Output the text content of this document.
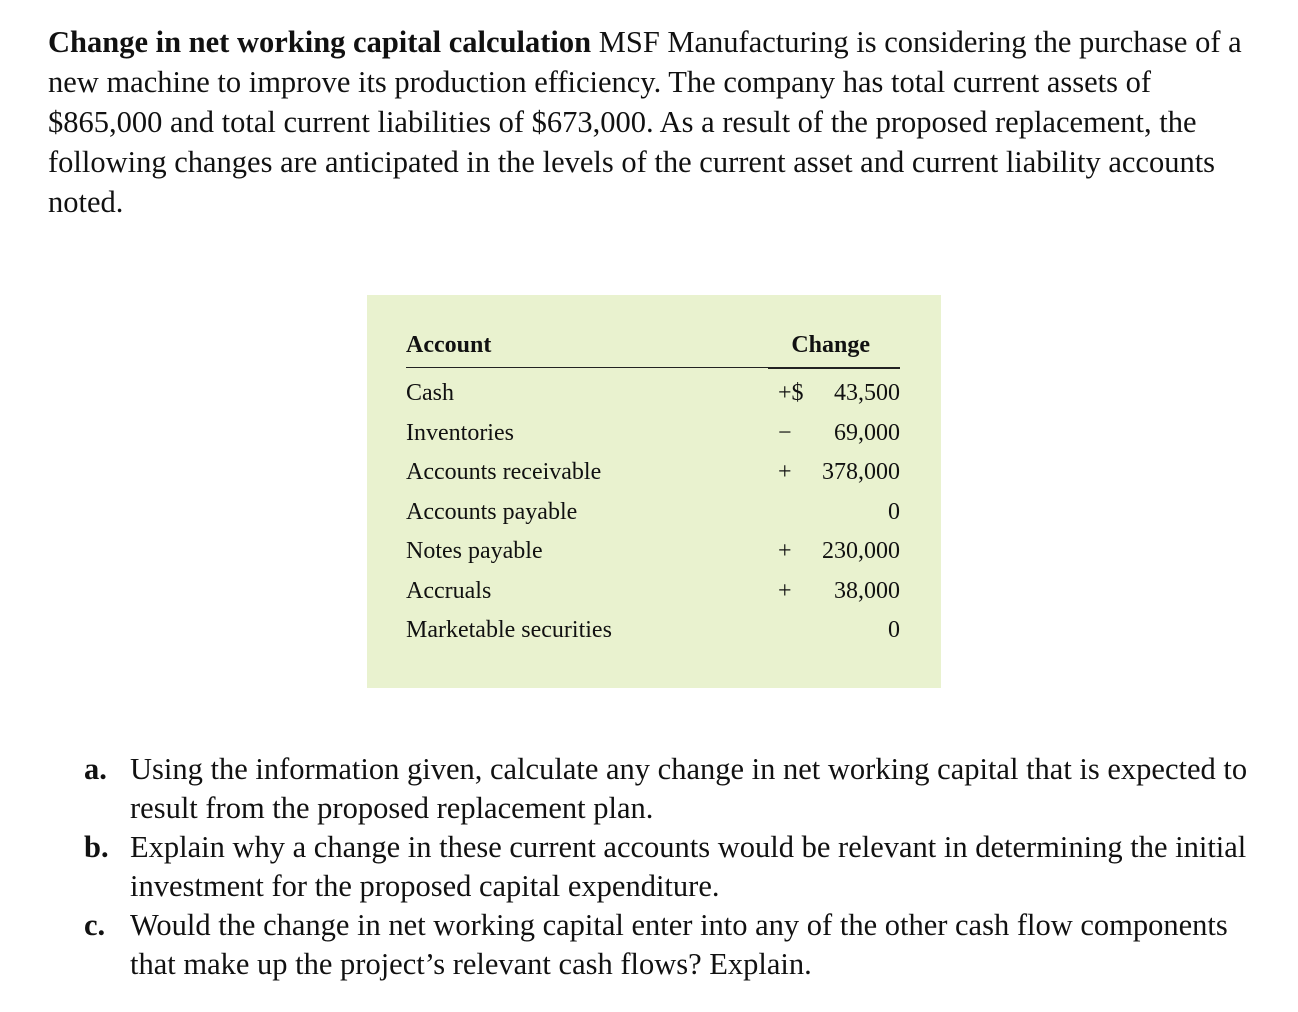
Change in net working capital calculation MSF Manufacturing is considering the purchase of a new machine to improve its production efficiency. The company has total current assets of $865,000 and total current liabilities of $673,000. As a result of the proposed replacement, the following changes are anticipated in the levels of the current asset and current liability accounts noted.
Account	Change
Cash	+$ 43,500
Inventories	− 69,000
Accounts receivable	+ 378,000
Accounts payable	0
Notes payable	+ 230,000
Accruals	+ 38,000
Marketable securities	0
a. Using the information given, calculate any change in net working capital that is expected to result from the proposed replacement plan.
b. Explain why a change in these current accounts would be relevant in determining the initial investment for the proposed capital expenditure.
c. Would the change in net working capital enter into any of the other cash flow components that make up the project’s relevant cash flows? Explain.
